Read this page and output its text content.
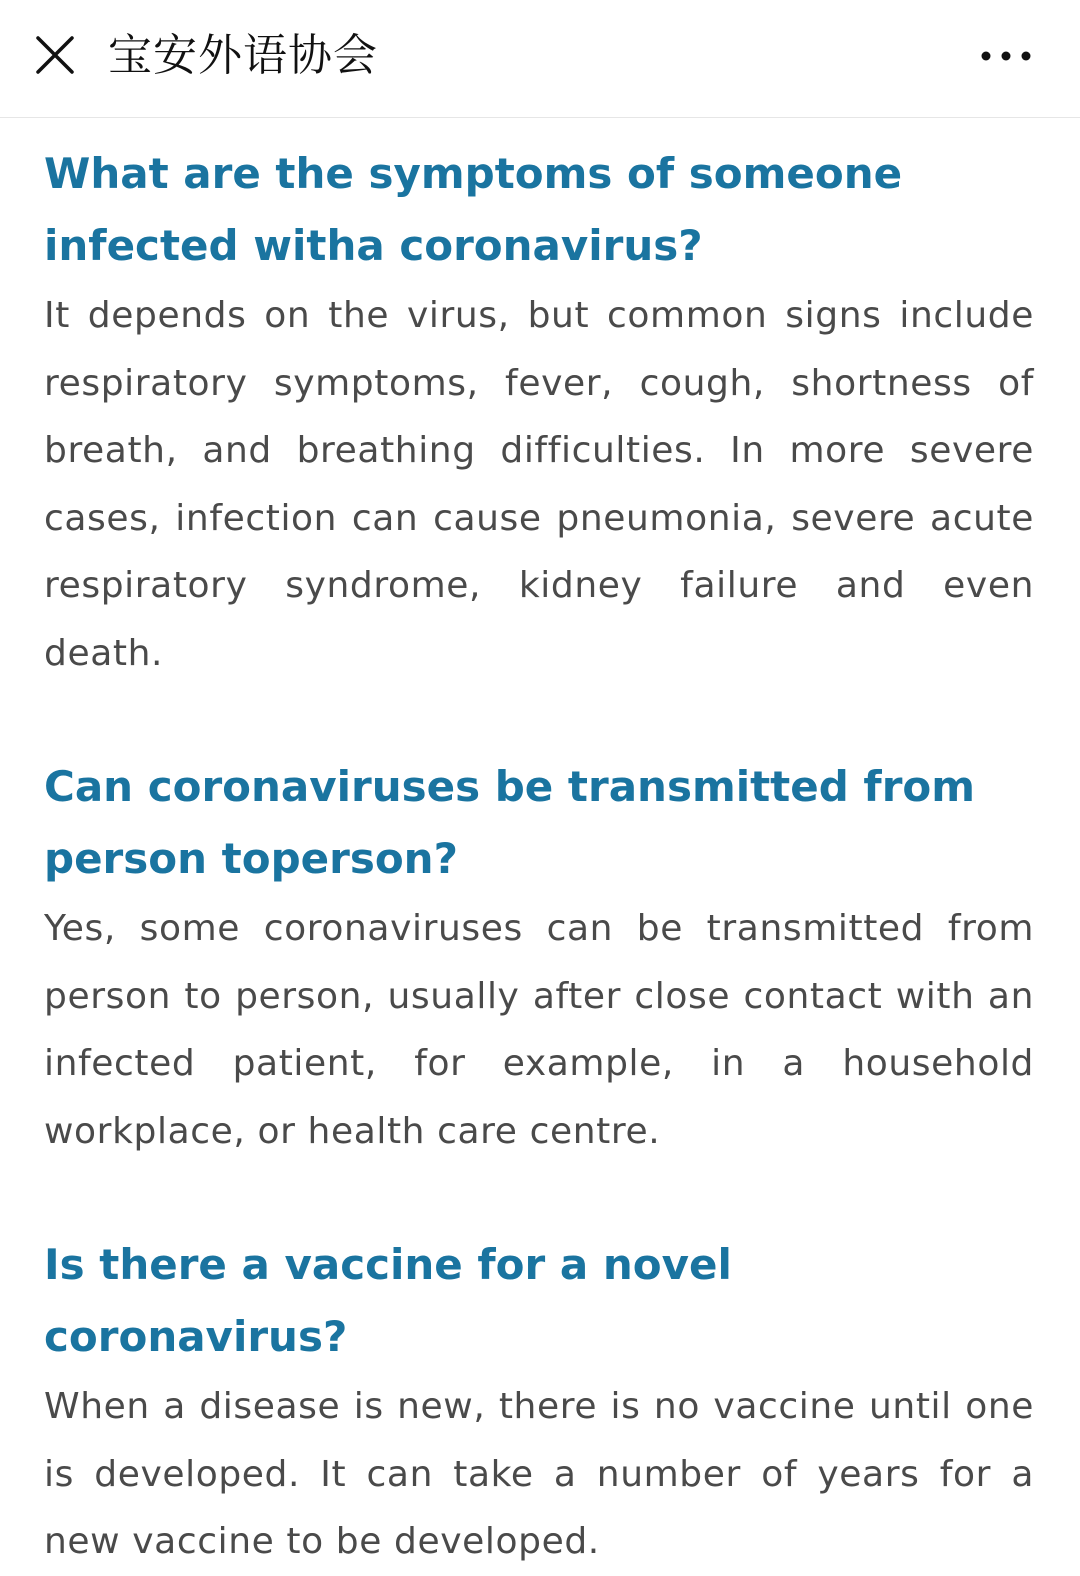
宝安外语协会
What are the symptoms of someone infected witha coronavirus?

It depends on the virus, but common signs include respiratory symptoms, fever, cough, shortness of breath, and breathing difficulties. In more severe cases, infection can cause pneumonia, severe acute respiratory syndrome, kidney failure and even death.

Can coronaviruses be transmitted from person toperson?

Yes, some coronaviruses can be transmitted from person to person, usually after close contact with an infected patient, for example, in a household workplace, or health care centre.

Is there a vaccine for a novel coronavirus?

When a disease is new, there is no vaccine until one is developed. It can take a number of years for a new vaccine to be developed.
